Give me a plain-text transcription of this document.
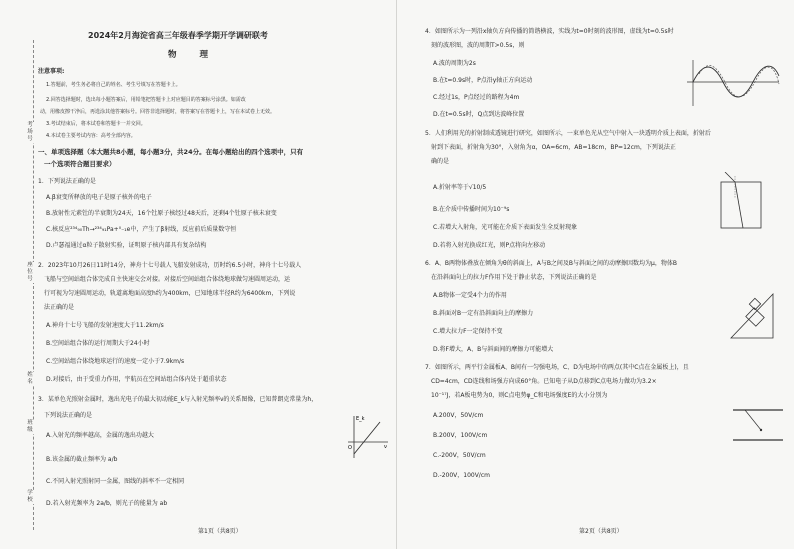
考场号
座位号
姓名
班级
学校
2024年2月海淀省高三年级春季学期开学调研联考
物 理
注意事项:
1.答题前，考生务必将自己的姓名、考生号填写在答题卡上。
2.回答选择题时，选出每小题答案后，用铅笔把答题卡上对应题目的答案标号涂黑。如需改
动，用橡皮擦干净后，再选涂其他答案标号。回答非选择题时，将答案写在答题卡上，写在本试卷上无效。
3.考试结束后，将本试卷和答题卡一并交回。
4.本试卷主要考试内容：高考全部内容。
一、单项选择题（本大题共8小题，每小题3分，共24分。在每小题给出的四个选项中，只有
一个选项符合题目要求）
1．下列说法正确的是
A.β衰变所释放的电子是原子核外的电子
B.放射性元素钍的半衰期为24天，16个钍原子核经过48天后，还剩4个钍原子核未衰变
C.核反应²³⁴₉₀Th→²³⁴₉₁Pa+⁰₋₁e中，产生了β射线，反应前后质量数守恒
D.卢瑟福通过α粒子散射实验，证明原子核内部具有复杂结构
2．2023年10月26日11时14分，神舟十七号载人飞船发射成功，历时约6.5小时，神舟十七号载人
飞船与空间站组合体完成自主快速交会对接。对接后空间站组合体绕地球做匀速圆周运动，运
行可视为匀速圆周运动，轨道离地面高度h约为400km，已知地球半径R约为6400km，下列说
法正确的是
A.神舟十七号飞船的发射速度大于11.2km/s
B.空间站组合体的运行周期大于24小时
C.空间站组合体绕地球运行的速度一定小于7.9km/s
D.对接后，由于受重力作用，宇航员在空间站组合体内处于超重状态
3．某单色光照射金属时，逸出光电子的最大初动能E_k与入射光频率ν的关系图像，已知普朗克常量为h，
下列说法正确的是
A.入射光的频率越高，金属的逸出功越大
B.该金属的截止频率为 a/b
C.不同入射光照射同一金属，图线的斜率不一定相同
D.若入射光频率为 2a/b，则光子的能量为 ab
E_k
ν
O
第1页（共8页）
4．如图所示为一列沿x轴负方向传播的简谐横波，实线为t=0时刻的波形图，虚线为t=0.5s时
刻的波形图，波的周期T>0.5s，则
A.波的周期为2s
B.在t=0.9s时，P点沿y轴正方向运动
C.经过1s，P点经过的路程为4m
D.在t=0.5s时，Q点到达波峰位置
5．人们利用光的折射制成透镜进行研究，如图所示，一束单色光从空气中射入一块透明介质上表面，折射后
射到下表面，折射角为30°，入射角为α，OA=6cm，AB=18cm，BP=12cm，下列说法正
确的是
A.折射率等于√10/5
B.在介质中传播时间为10⁻⁹s
C.若增大入射角，光可能在介质下表面发生全反射现象
D.若将入射光换成红光，则P点将向左移动
6．A、B两物体叠放在倾角为θ的斜面上，A与B之间及B与斜面之间的动摩擦因数均为μ，物体B
在沿斜面向上的拉力F作用下处于静止状态，下列说法正确的是
A.B物体一定受4个力的作用
B.斜面对B一定有沿斜面向上的摩擦力
C.增大拉力F一定保持不变
D.将F增大，A、B与斜面间的摩擦力可能增大
7．如图所示，两平行金属板A、B间有一匀强电场，C、D为电场中的两点(其中C点在金属板上)，且
CD=4cm，CD连线和场强方向成60°角。已知电子从D点移到C点电场力做功为3.2×
10⁻¹⁷J，若A板电势为0，则C点电势φ_C和电场强度E的大小分别为
A.200V，50V/cm
B.200V，100V/cm
C.-200V，50V/cm
D.-200V，100V/cm
第2页（共8页）
